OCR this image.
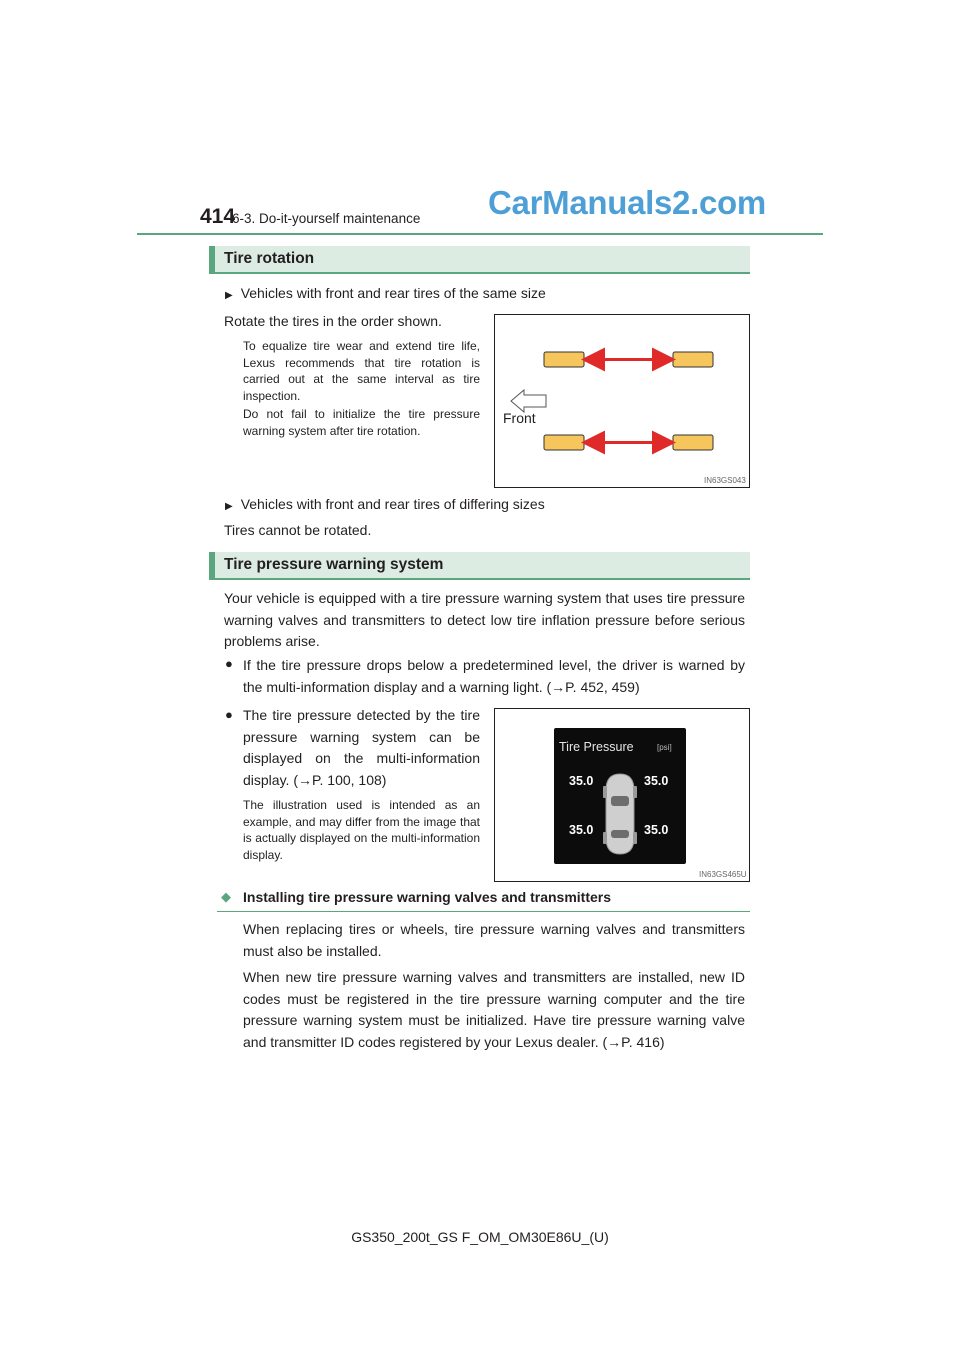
414
6-3. Do-it-yourself maintenance CarManuals2.com
Tire rotation
▶ Vehicles with front and rear tires of the same size
Rotate the tires in the order shown.
To equalize tire wear and extend tire life, Lexus recommends that tire rotation is carried out at the same interval as tire inspection.
Do not fail to initialize the tire pressure warning system after tire rotation.
Front
IN63GS043
▶ Vehicles with front and rear tires of differing sizes
Tires cannot be rotated.
Tire pressure warning system
Your vehicle is equipped with a tire pressure warning system that uses tire pressure warning valves and transmitters to detect low tire inflation pressure before serious problems arise.
● If the tire pressure drops below a predetermined level, the driver is warned by the multi-information display and a warning light. (→P. 452, 459)
● The tire pressure detected by the tire pressure warning system can be displayed on the multi-information display. (→P. 100, 108)
The illustration used is intended as an example, and may differ from the image that is actually displayed on the multi-information display.
Tire Pressure	[psi]
35.0	35.0
35.0	35.0
IN63GS465U
◆ Installing tire pressure warning valves and transmitters
When replacing tires or wheels, tire pressure warning valves and transmitters must also be installed.
When new tire pressure warning valves and transmitters are installed, new ID codes must be registered in the tire pressure warning computer and the tire pressure warning system must be initialized. Have tire pressure warning valve and transmitter ID codes registered by your Lexus dealer. (→P. 416)
GS350_200t_GS F_OM_OM30E86U_(U)
